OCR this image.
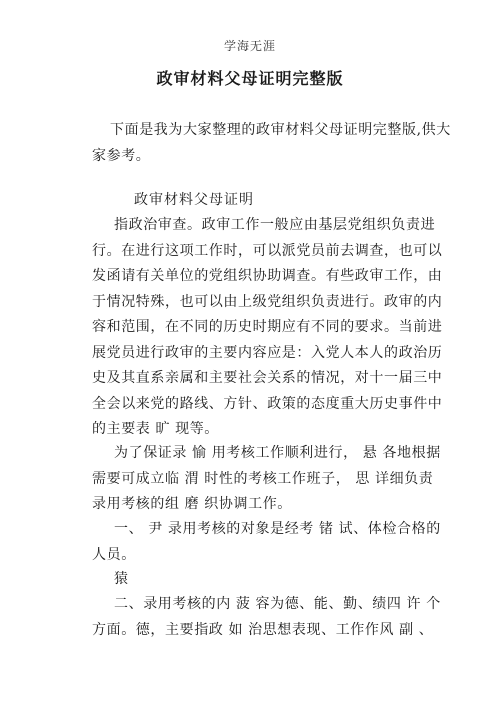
学海无涯
政审材料父母证明完整版

下面是我为大家整理的政审材料父母证明完整版,供大
家参考。

政审材料父母证明

指政治审查。政审工作一般应由基层党组织负责进
行。在进行这项工作时，可以派党员前去调查，也可以
发函请有关单位的党组织协助调查。有些政审工作，由
于情况特殊，也可以由上级党组织负责进行。政审的内
容和范围，在不同的历史时期应有不同的要求。当前进
展党员进行政审的主要内容应是：入党人本人的政治历
史及其直系亲属和主要社会关系的情况，对十一届三中
全会以来党的路线、方针、政策的态度重大历史事件中
的主要表 旷 现等。

为了保证录 愉 用考核工作顺利进行， 悬 各地根据
需要可成立临 渭 时性的考核工作班子， 思 详细负责
录用考核的组 磨 织协调工作。

一、 尹 录用考核的对象是经考 锗 试、体检合格的
人员。

猿

二、录用考核的内 菠 容为德、能、勤、绩四 许 个
方面。德，主要指政 如 治思想表现、工作作风 副 、
